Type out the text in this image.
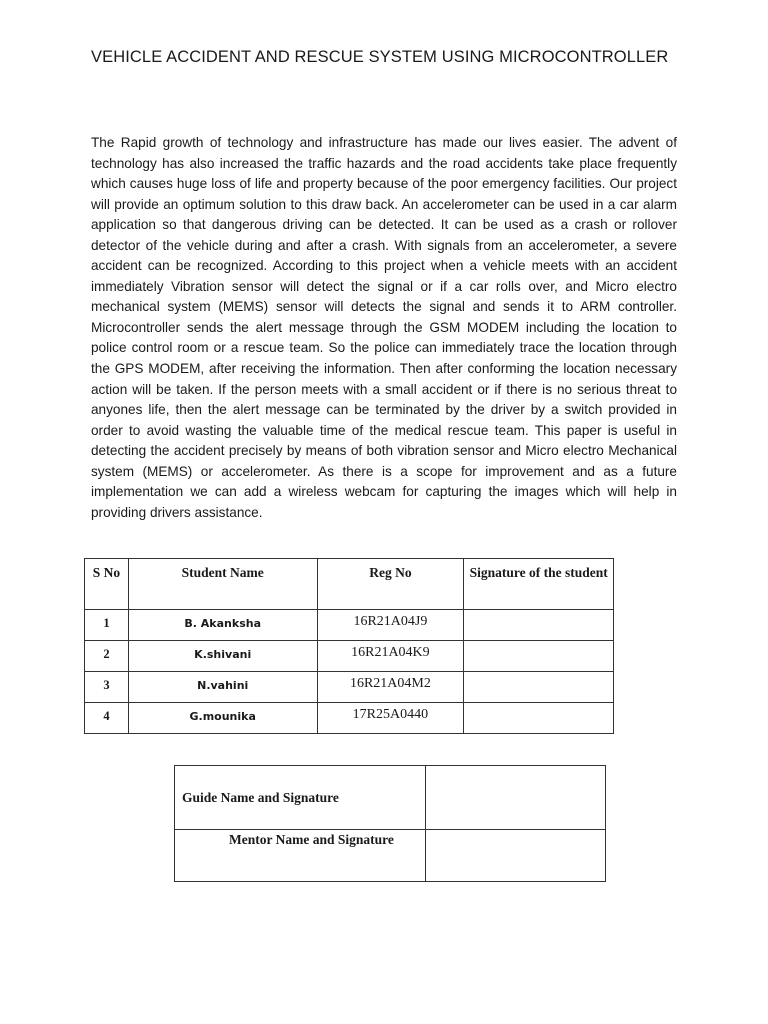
VEHICLE ACCIDENT AND RESCUE SYSTEM USING MICROCONTROLLER

The Rapid growth of technology and infrastructure has made our lives easier. The advent of technology has also increased the traffic hazards and the road accidents take place frequently which causes huge loss of life and property because of the poor emergency facilities. Our project will provide an optimum solution to this draw back. An accelerometer can be used in a car alarm application so that dangerous driving can be detected. It can be used as a crash or rollover detector of the vehicle during and after a crash. With signals from an accelerometer, a severe accident can be recognized. According to this project when a vehicle meets with an accident immediately Vibration sensor will detect the signal or if a car rolls over, and Micro electro mechanical system (MEMS) sensor will detects the signal and sends it to ARM controller. Microcontroller sends the alert message through the GSM MODEM including the location to police control room or a rescue team. So the police can immediately trace the location through the GPS MODEM, after receiving the information. Then after conforming the location necessary action will be taken. If the person meets with a small accident or if there is no serious threat to anyones life, then the alert message can be terminated by the driver by a switch provided in order to avoid wasting the valuable time of the medical rescue team. This paper is useful in detecting the accident precisely by means of both vibration sensor and Micro electro Mechanical system (MEMS) or accelerometer. As there is a scope for improvement and as a future implementation we can add a wireless webcam for capturing the images which will help in providing drivers assistance.

S No	Student Name	Reg No	Signature of the student
1	B. Akanksha	16R21A04J9	
2	K.shivani	16R21A04K9	
3	N.vahini	16R21A04M2	
4	G.mounika	17R25A0440	
Guide Name and Signature	
Mentor Name and Signature	
